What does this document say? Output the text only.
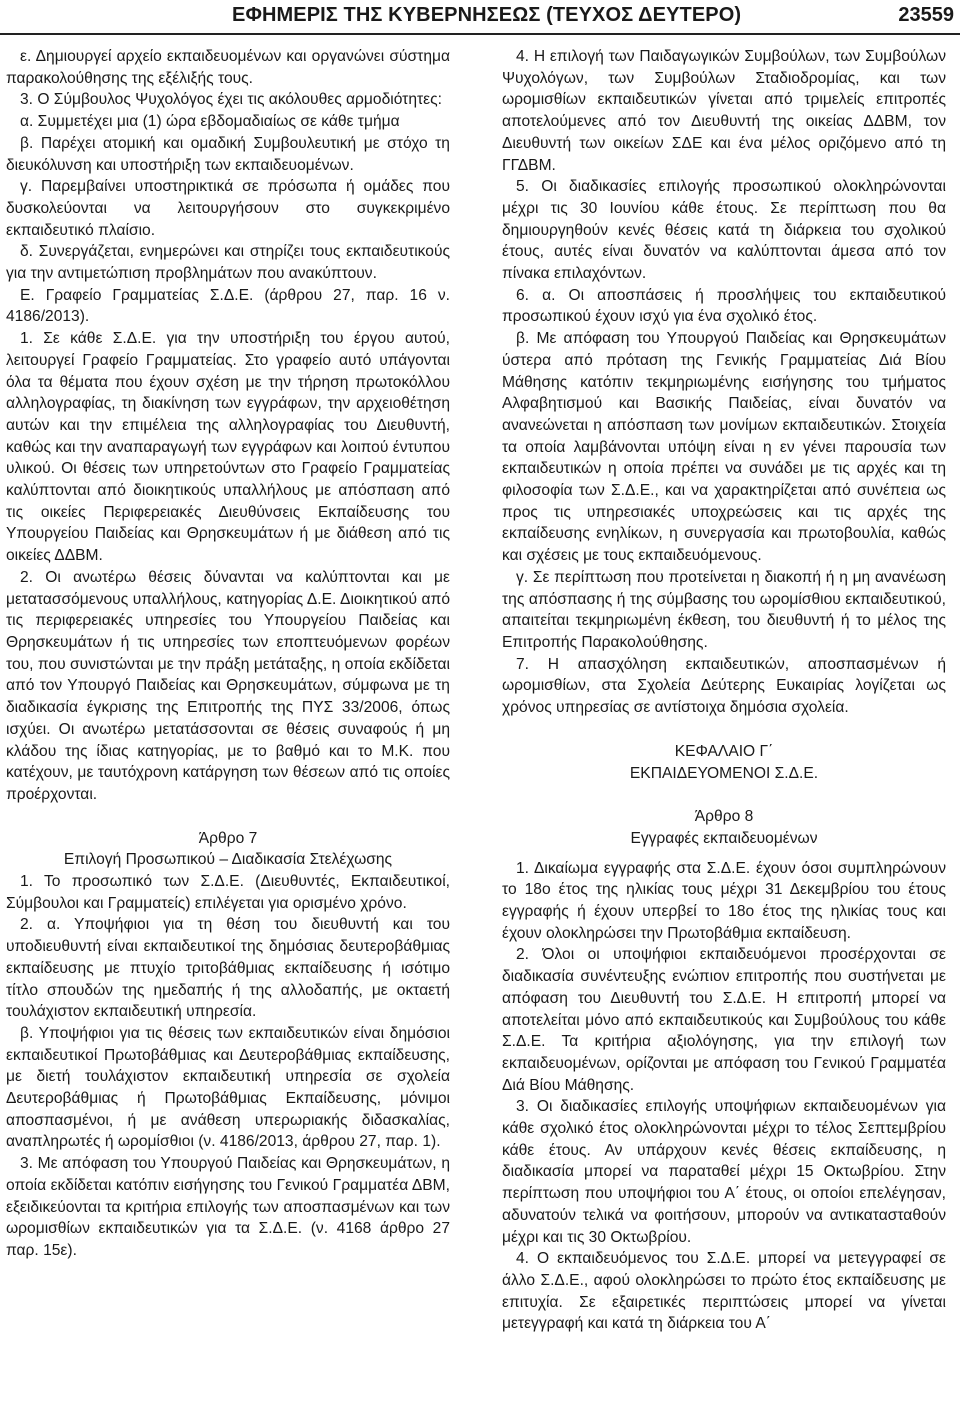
ΕΦΗΜΕΡΙΣ ΤΗΣ ΚΥΒΕΡΝΗΣΕΩΣ (ΤΕΥΧΟΣ ΔΕΥΤΕΡΟ)	23559

ε. Δημιουργεί αρχείο εκπαιδευομένων και οργανώνει σύστημα παρακολούθησης της εξέλιξής τους.

3. Ο Σύμβουλος Ψυχολόγος έχει τις ακόλουθες αρμοδιότητες:

α. Συμμετέχει μια (1) ώρα εβδομαδιαίως σε κάθε τμήμα

β. Παρέχει ατομική και ομαδική Συμβουλευτική με στόχο τη διευκόλυνση και υποστήριξη των εκπαιδευομένων.

γ. Παρεμβαίνει υποστηρικτικά σε πρόσωπα ή ομάδες που δυσκολεύονται να λειτουργήσουν στο συγκεκριμένο εκπαιδευτικό πλαίσιο.

δ. Συνεργάζεται, ενημερώνει και στηρίζει τους εκπαιδευτικούς για την αντιμετώπιση προβλημάτων που ανακύπτουν.

Ε. Γραφείο Γραμματείας Σ.Δ.Ε. (άρθρου 27, παρ. 16 ν. 4186/2013).

1. Σε κάθε Σ.Δ.Ε. για την υποστήριξη του έργου αυτού, λειτουργεί Γραφείο Γραμματείας. Στο γραφείο αυτό υπάγονται όλα τα θέματα που έχουν σχέση με την τήρηση πρωτοκόλλου αλληλογραφίας, τη διακίνηση των εγγράφων, την αρχειοθέτηση αυτών και την επιμέλεια της αλληλογραφίας του Διευθυντή, καθώς και την αναπαραγωγή των εγγράφων και λοιπού έντυπου υλικού. Οι θέσεις των υπηρετούντων στο Γραφείο Γραμματείας καλύπτονται από διοικητικούς υπαλλήλους με απόσπαση από τις οικείες Περιφερειακές Διευθύνσεις Εκπαίδευσης του Υπουργείου Παιδείας και Θρησκευμάτων ή με διάθεση από τις οικείες ΔΔΒΜ.

2. Οι ανωτέρω θέσεις δύνανται να καλύπτονται και με μετατασσόμενους υπαλλήλους, κατηγορίας Δ.Ε. Διοικητικού από τις περιφερειακές υπηρεσίες του Υπουργείου Παιδείας και Θρησκευμάτων ή τις υπηρεσίες των εποπτευόμενων φορέων του, που συνιστώνται με την πράξη μετάταξης, η οποία εκδίδεται από τον Υπουργό Παιδείας και Θρησκευμάτων, σύμφωνα με τη διαδικασία έγκρισης της Επιτροπής της ΠΥΣ 33/2006, όπως ισχύει. Οι ανωτέρω μετατάσσονται σε θέσεις συναφούς ή μη κλάδου της ίδιας κατηγορίας, με το βαθμό και το Μ.Κ. που κατέχουν, με ταυτόχρονη κατάργηση των θέσεων από τις οποίες προέρχονται.

Άρθρο 7

Επιλογή Προσωπικού – Διαδικασία Στελέχωσης

1. Το προσωπικό των Σ.Δ.Ε. (Διευθυντές, Εκπαιδευτικοί, Σύμβουλοι και Γραμματείς) επιλέγεται για ορισμένο χρόνο.

2. α. Υποψήφιοι για τη θέση του διευθυντή και του υποδιευθυντή είναι εκπαιδευτικοί της δημόσιας δευτεροβάθμιας εκπαίδευσης με πτυχίο τριτοβάθμιας εκπαίδευσης ή ισότιμο τίτλο σπουδών της ημεδαπής ή της αλλοδαπής, με οκταετή τουλάχιστον εκπαιδευτική υπηρεσία.

β. Υποψήφιοι για τις θέσεις των εκπαιδευτικών είναι δημόσιοι εκπαιδευτικοί Πρωτοβάθμιας και Δευτεροβάθμιας εκπαίδευσης, με διετή τουλάχιστον εκπαιδευτική υπηρεσία σε σχολεία Δευτεροβάθμιας ή Πρωτοβάθμιας Εκπαίδευσης, μόνιμοι αποσπασμένοι, ή με ανάθεση υπερωριακής διδασκαλίας, αναπληρωτές ή ωρομίσθιοι (ν. 4186/2013, άρθρου 27, παρ. 1).

3. Με απόφαση του Υπουργού Παιδείας και Θρησκευμάτων, η οποία εκδίδεται κατόπιν εισήγησης του Γενικού Γραμματέα ΔΒΜ, εξειδικεύονται τα κριτήρια επιλογής των αποσπασμένων και των ωρομισθίων εκπαιδευτικών για τα Σ.Δ.Ε. (ν. 4168 άρθρο 27 παρ. 15ε).

4. Η επιλογή των Παιδαγωγικών Συμβούλων, των Συμβούλων Ψυχολόγων, των Συμβούλων Σταδιοδρομίας, και των ωρομισθίων εκπαιδευτικών γίνεται από τριμελείς επιτροπές αποτελούμενες από τον Διευθυντή της οικείας ΔΔΒΜ, τον Διευθυντή των οικείων ΣΔΕ και ένα μέλος οριζόμενο από τη ΓΓΔΒΜ.

5. Οι διαδικασίες επιλογής προσωπικού ολοκληρώνονται μέχρι τις 30 Ιουνίου κάθε έτους. Σε περίπτωση που θα δημιουργηθούν κενές θέσεις κατά τη διάρκεια του σχολικού έτους, αυτές είναι δυνατόν να καλύπτονται άμεσα από τον πίνακα επιλαχόντων.

6. α. Οι αποσπάσεις ή προσλήψεις του εκπαιδευτικού προσωπικού έχουν ισχύ για ένα σχολικό έτος.

β. Με απόφαση του Υπουργού Παιδείας και Θρησκευμάτων ύστερα από πρόταση της Γενικής Γραμματείας Διά Βίου Μάθησης κατόπιν τεκμηριωμένης εισήγησης του τμήματος Αλφαβητισμού και Βασικής Παιδείας, είναι δυνατόν να ανανεώνεται η απόσπαση των μονίμων εκπαιδευτικών. Στοιχεία τα οποία λαμβάνονται υπόψη είναι η εν γένει παρουσία των εκπαιδευτικών η οποία πρέπει να συνάδει με τις αρχές και τη φιλοσοφία των Σ.Δ.Ε., και να χαρακτηρίζεται από συνέπεια ως προς τις υπηρεσιακές υποχρεώσεις και τις αρχές της εκπαίδευσης ενηλίκων, η συνεργασία και πρωτοβουλία, καθώς και σχέσεις με τους εκπαιδευόμενους.

γ. Σε περίπτωση που προτείνεται η διακοπή ή η μη ανανέωση της απόσπασης ή της σύμβασης του ωρομίσθιου εκπαιδευτικού, απαιτείται τεκμηριωμένη έκθεση, του διευθυντή ή το μέλος της Επιτροπής Παρακολούθησης.

7. Η απασχόληση εκπαιδευτικών, αποσπασμένων ή ωρομισθίων, στα Σχολεία Δεύτερης Ευκαιρίας λογίζεται ως χρόνος υπηρεσίας σε αντίστοιχα δημόσια σχολεία.

ΚΕΦΑΛΑΙΟ Γ΄

ΕΚΠΑΙΔΕΥΟΜΕΝΟΙ Σ.Δ.Ε.

Άρθρο 8

Εγγραφές εκπαιδευομένων

1. Δικαίωμα εγγραφής στα Σ.Δ.Ε. έχουν όσοι συμπληρώνουν το 18ο έτος της ηλικίας τους μέχρι 31 Δεκεμβρίου του έτους εγγραφής ή έχουν υπερβεί το 18ο έτος της ηλικίας τους και έχουν ολοκληρώσει την Πρωτοβάθμια εκπαίδευση.

2. Όλοι οι υποψήφιοι εκπαιδευόμενοι προσέρχονται σε διαδικασία συνέντευξης ενώπιον επιτροπής που συστήνεται με απόφαση του Διευθυντή του Σ.Δ.Ε. Η επιτροπή μπορεί να αποτελείται μόνο από εκπαιδευτικούς και Συμβούλους του κάθε Σ.Δ.Ε. Τα κριτήρια αξιολόγησης, για την επιλογή των εκπαιδευομένων, ορίζονται με απόφαση του Γενικού Γραμματέα Διά Βίου Μάθησης.

3. Οι διαδικασίες επιλογής υποψήφιων εκπαιδευομένων για κάθε σχολικό έτος ολοκληρώνονται μέχρι το τέλος Σεπτεμβρίου κάθε έτους. Αν υπάρχουν κενές θέσεις εκπαίδευσης, η διαδικασία μπορεί να παραταθεί μέχρι 15 Οκτωβρίου. Στην περίπτωση που υποψήφιοι του Α΄ έτους, οι οποίοι επελέγησαν, αδυνατούν τελικά να φοιτήσουν, μπορούν να αντικατασταθούν μέχρι και τις 30 Οκτωβρίου.

4. Ο εκπαιδευόμενος του Σ.Δ.Ε. μπορεί να μετεγγραφεί σε άλλο Σ.Δ.Ε., αφού ολοκληρώσει το πρώτο έτος εκπαίδευσης με επιτυχία. Σε εξαιρετικές περιπτώσεις μπορεί να γίνεται μετεγγραφή και κατά τη διάρκεια του Α΄
